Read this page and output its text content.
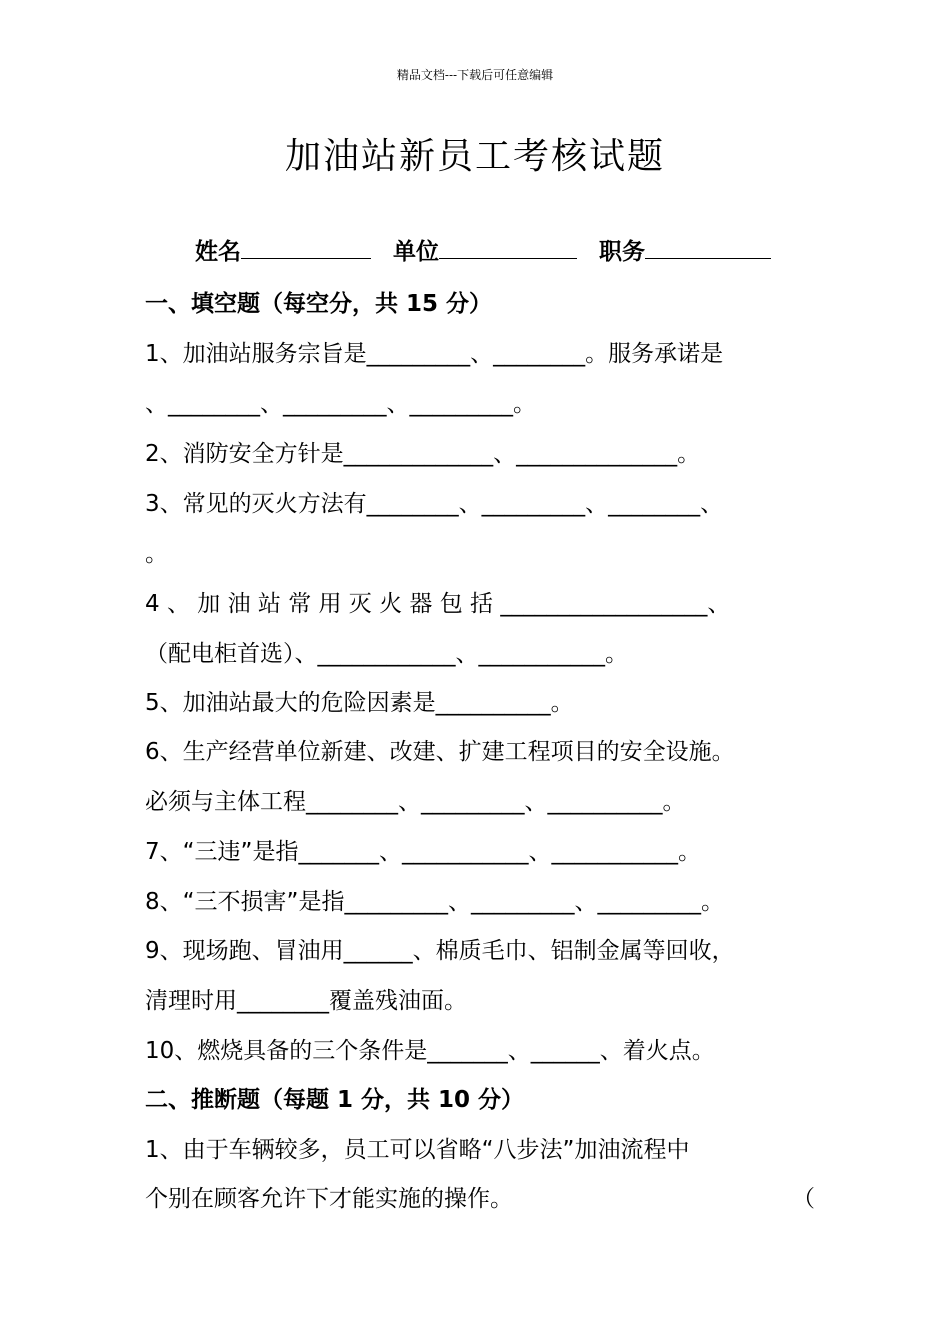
精品文档---下载后可任意编辑
加油站新员工考核试题
姓名	单位	职务
一、填空题（每空分，共 15 分）
1、加油站服务宗旨是_________、________。服务承诺是
、________、_________、_________。
2、消防安全方针是_____________、______________。
3、常见的灭火方法有________、_________、________、
。
4 、 加 油 站 常 用 灭 火 器 包 括 __________________、
（配电柜首选）、____________、___________。
5、加油站最大的危险因素是__________。
6、生产经营单位新建、改建、扩建工程项目的安全设施。
必须与主体工程________、_________、__________。
7、“三违”是指_______、___________、___________。
8、“三不损害”是指_________、_________、_________。
9、现场跑、冒油用______、棉质毛巾、铝制金属等回收，
清理时用________覆盖残油面。
10、燃烧具备的三个条件是_______、______、着火点。
二、推断题（每题 1 分，共 10 分）
1、由于车辆较多，员工可以省略“八步法”加油流程中
个别在顾客允许下才能实施的操作。	（
